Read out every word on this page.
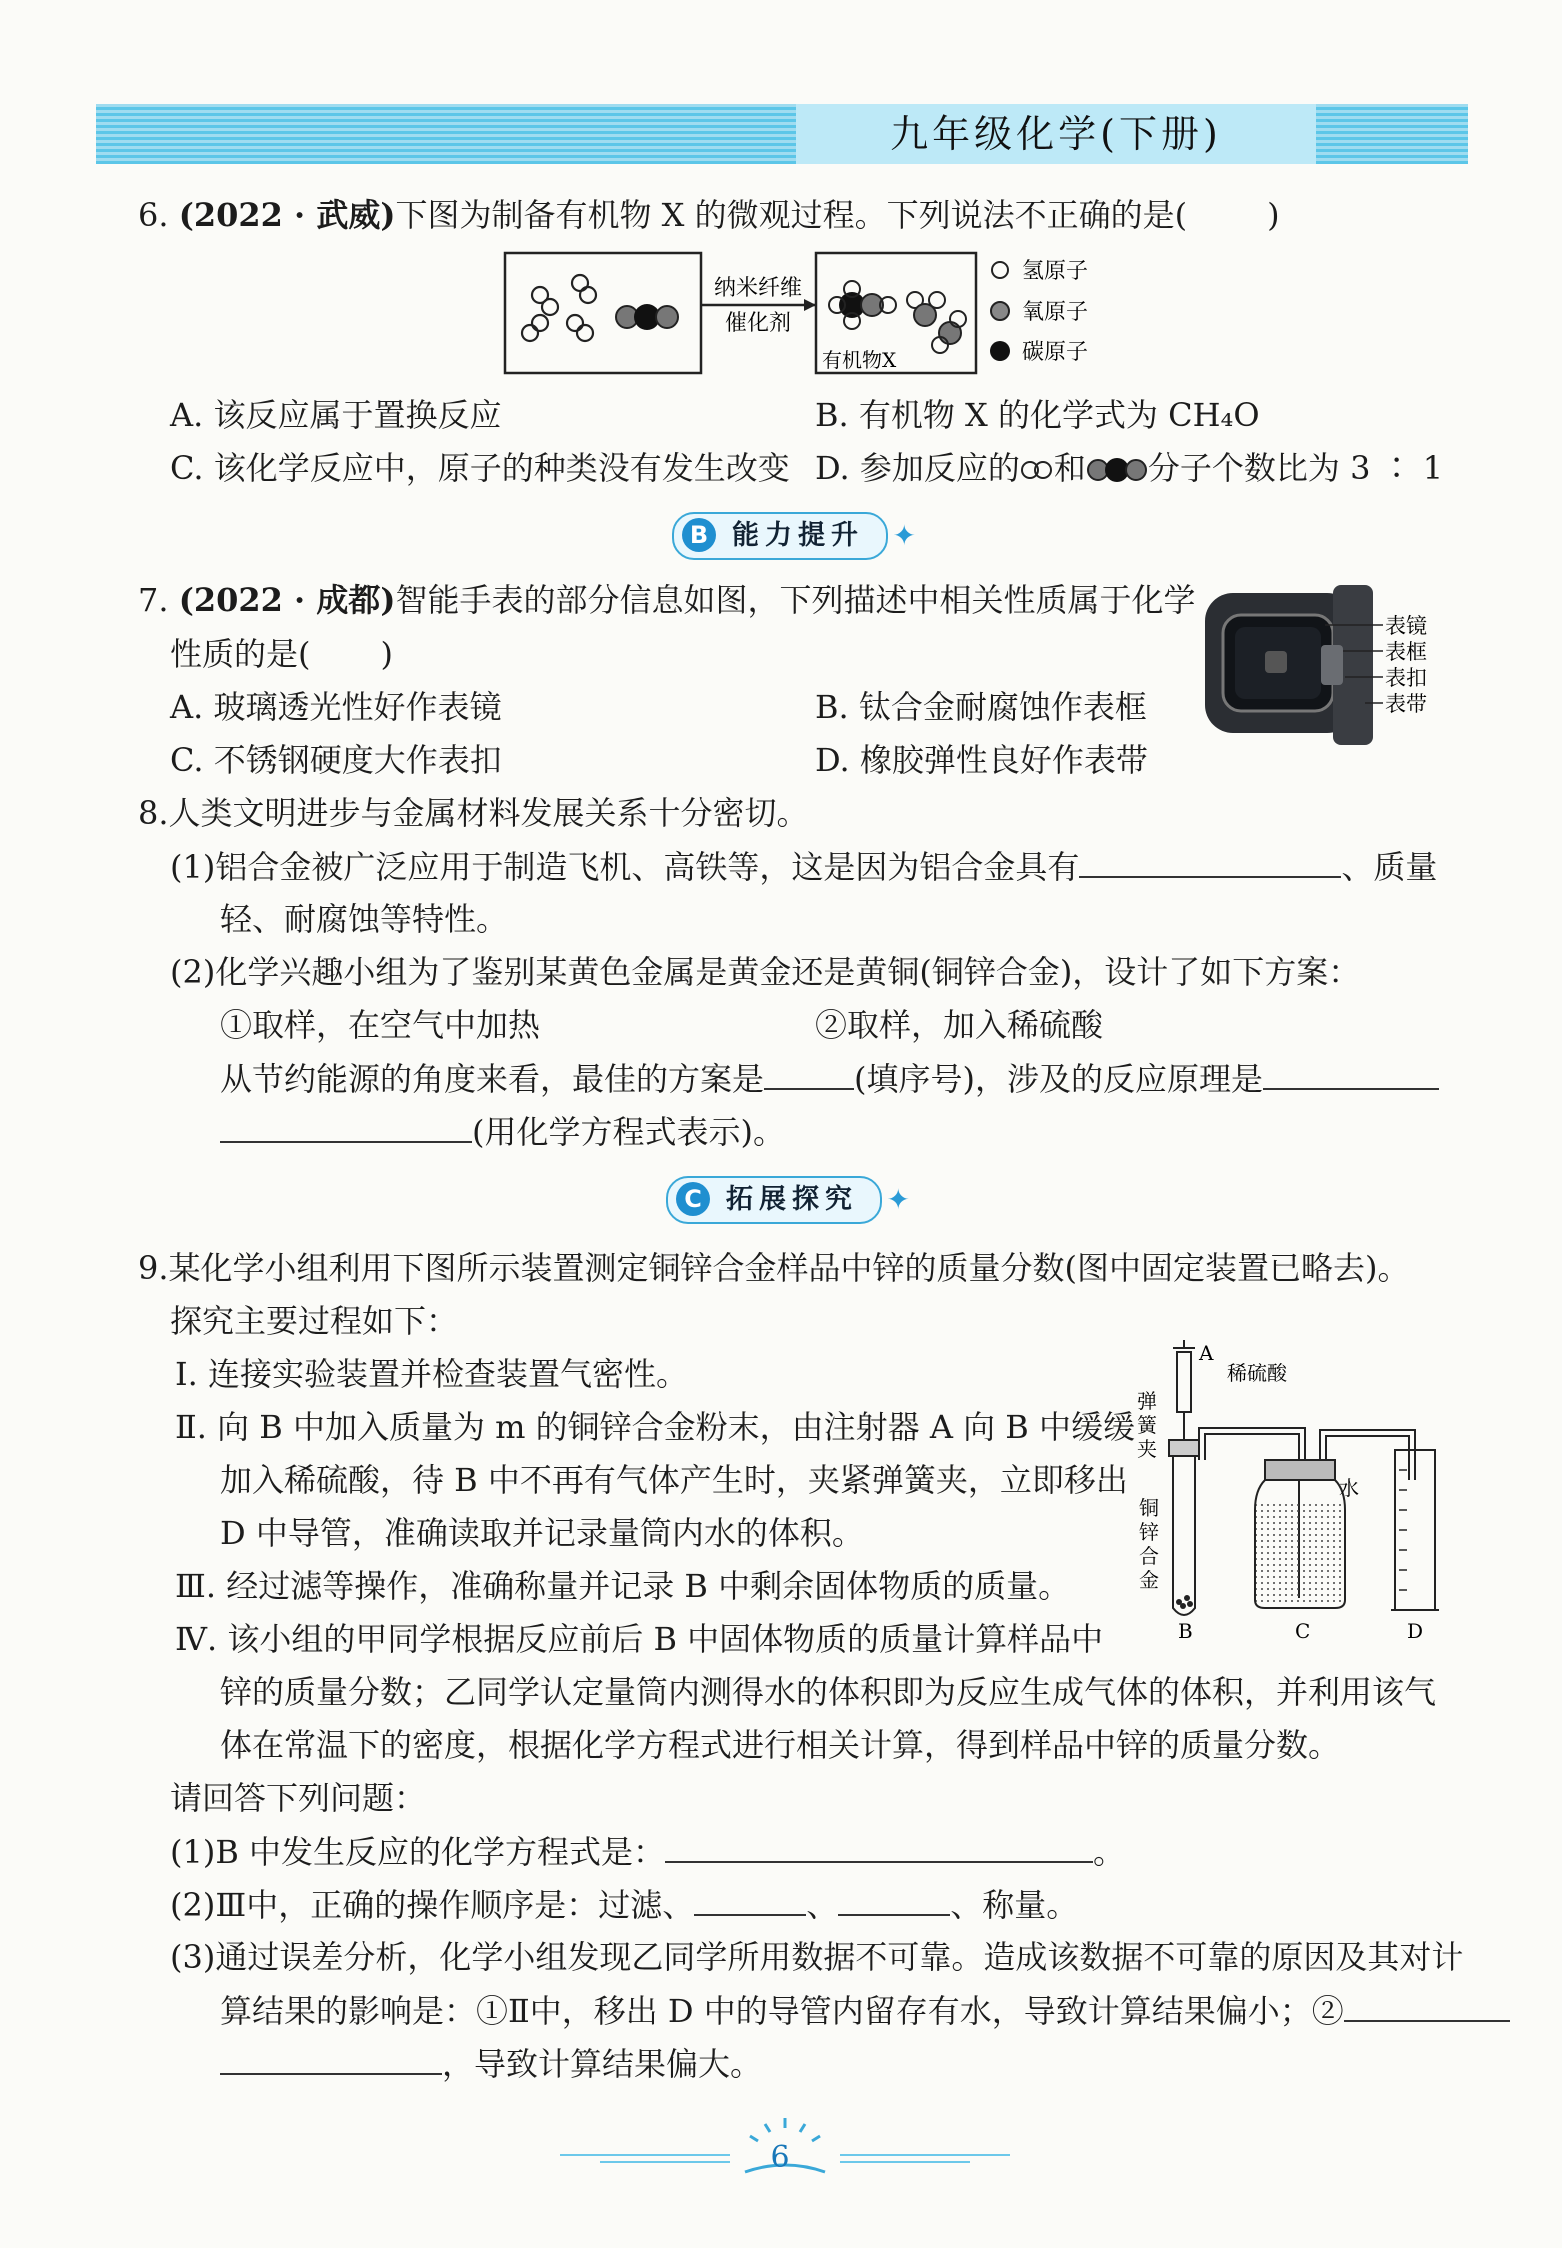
九年级化学(下册)
6. (2022 · 武威)下图为制备有机物 X 的微观过程。下列说法不正确的是(	)
纳米纤维
催化剂
有机物X
氢原子
氧原子
碳原子
A. 该反应属于置换反应	B. 有机物 X 的化学式为 CH₄O
C. 该化学反应中，原子的种类没有发生改变 D. 参加反应的 和 分子个数比为 3 ∶ 1
B 能力提升 ✦
7. (2022 · 成都)智能手表的部分信息如图，下列描述中相关性质属于化学
性质的是( )
A. 玻璃透光性好作表镜	B. 钛合金耐腐蚀作表框
C. 不锈钢硬度大作表扣	D. 橡胶弹性良好作表带
表镜
表框
表扣
表带
8.人类文明进步与金属材料发展关系十分密切。
(1)铝合金被广泛应用于制造飞机、高铁等，这是因为铝合金具有	、质量
轻、耐腐蚀等特性。
(2)化学兴趣小组为了鉴别某黄色金属是黄金还是黄铜(铜锌合金)，设计了如下方案：
①取样，在空气中加热	②取样，加入稀硫酸
从节约能源的角度来看，最佳的方案是	(填序号)，涉及的反应原理是
(用化学方程式表示)。
C 拓展探究 ✦
9.某化学小组利用下图所示装置测定铜锌合金样品中锌的质量分数(图中固定装置已略去)。
探究主要过程如下：
Ⅰ. 连接实验装置并检查装置气密性。
Ⅱ. 向 B 中加入质量为 m 的铜锌合金粉末，由注射器 A 向 B 中缓缓
加入稀硫酸，待 B 中不再有气体产生时，夹紧弹簧夹，立即移出
D 中导管，准确读取并记录量筒内水的体积。
Ⅲ. 经过滤等操作，准确称量并记录 B 中剩余固体物质的质量。
Ⅳ. 该小组的甲同学根据反应前后 B 中固体物质的质量计算样品中
锌的质量分数；乙同学认定量筒内测得水的体积即为反应生成气体的体积，并利用该气
体在常温下的密度，根据化学方程式进行相关计算，得到样品中锌的质量分数。
请回答下列问题：
(1)B 中发生反应的化学方程式是：	。
(2)Ⅲ中，正确的操作顺序是：过滤、	、	、称量。
(3)通过误差分析，化学小组发现乙同学所用数据不可靠。造成该数据不可靠的原因及其对计
算结果的影响是：①Ⅱ中，移出 D 中的导管内留存有水，导致计算结果偏小；②
，导致计算结果偏大。
A
稀硫酸
弹
簧
夹
铜
锌
合
金
水
B	C	D
6
